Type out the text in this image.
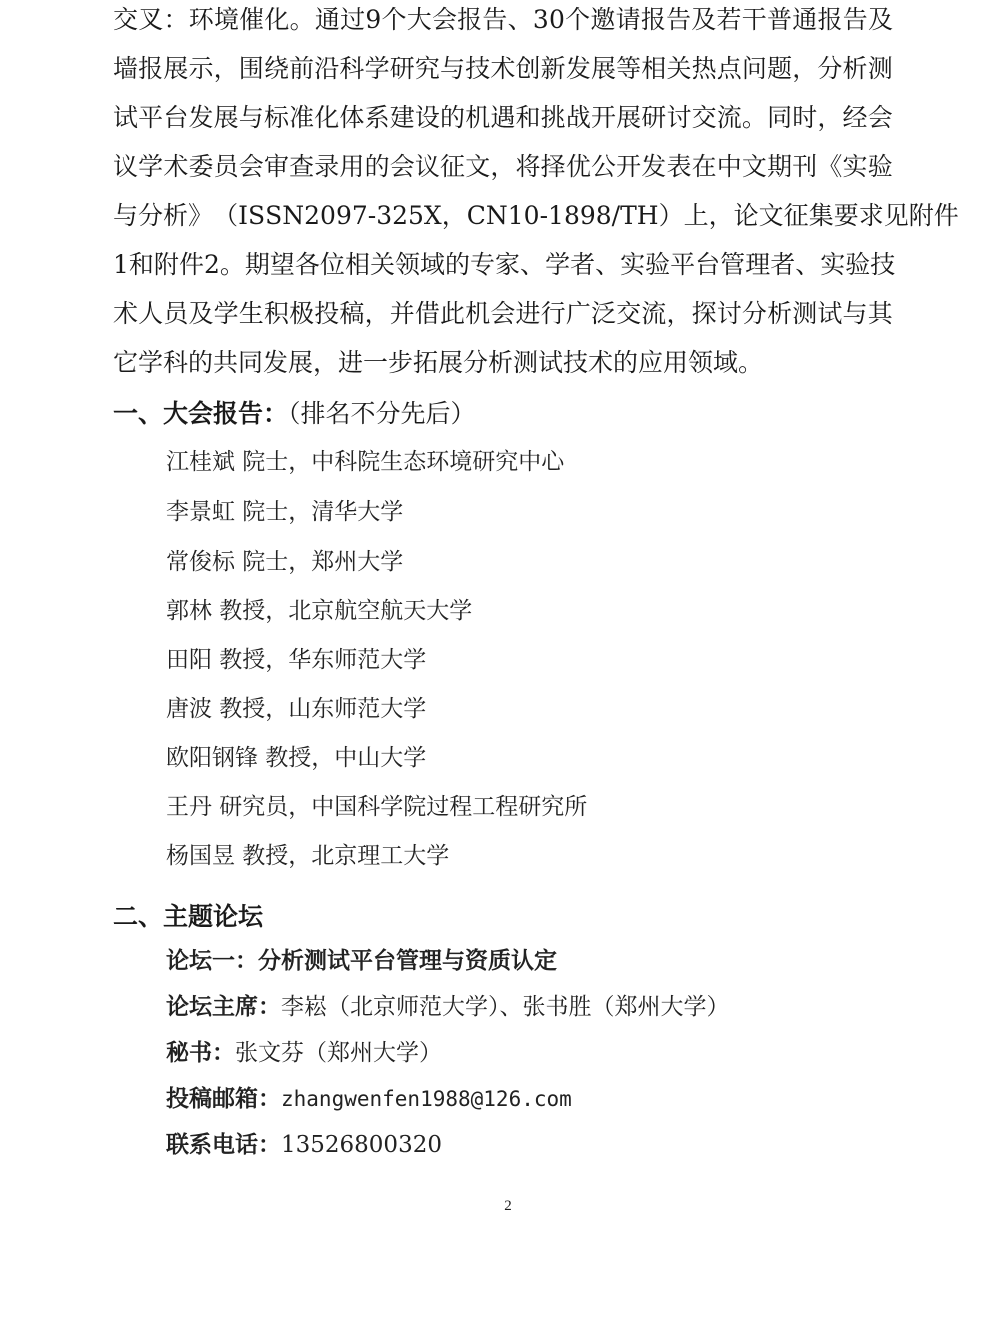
交 叉 ： 环 境 催 化 。 通 过 9 个 大 会 报 告 、 3 0 个 邀 请 报 告 及 若 干 普 通 报 告 及
墙 报 展 示 ， 围 绕 前 沿 科 学 研 究 与 技 术 创 新 发 展 等 相 关 热 点 问 题 ， 分 析 测
试 平 台 发 展 与 标 准 化 体 系 建 设 的 机 遇 和 挑 战 开 展 研 讨 交 流 。 同 时 ， 经 会
议 学 术 委 员 会 审 查 录 用 的 会 议 征 文 ， 将 择 优 公 开 发 表 在 中 文 期 刊 《 实 验
与 分 析 》 （ I S S N 2 0 9 7 - 3 2 5 X ， C N 1 0 - 1 8 9 8 / T H ） 上 ， 论 文 征 集 要 求 见 附 件
1 和 附 件 2 。 期 望 各 位 相 关 领 域 的 专 家 、 学 者 、 实 验 平 台 管 理 者 、 实 验 技
术 人 员 及 学 生 积 极 投 稿 ， 并 借 此 机 会 进 行 广 泛 交 流 ， 探 讨 分 析 测 试 与 其
它学科的共同发展，进一步拓展分析测试技术的应用领域。
一、大会报告：（排名不分先后）
江桂斌 院士，中科院生态环境研究中心
李景虹 院士，清华大学
常俊标 院士，郑州大学
郭林 教授，北京航空航天大学
田阳 教授，华东师范大学
唐波 教授，山东师范大学
欧阳钢锋 教授，中山大学
王丹 研究员，中国科学院过程工程研究所
杨国昱 教授，北京理工大学
二、主题论坛
论坛一：分析测试平台管理与资质认定
论坛主席：李崧（北京师范大学）、张书胜（郑州大学）
秘书：张文芬（郑州大学）
投稿邮箱：zhangwenfen1988@126.com
联系电话：13526800320
2
